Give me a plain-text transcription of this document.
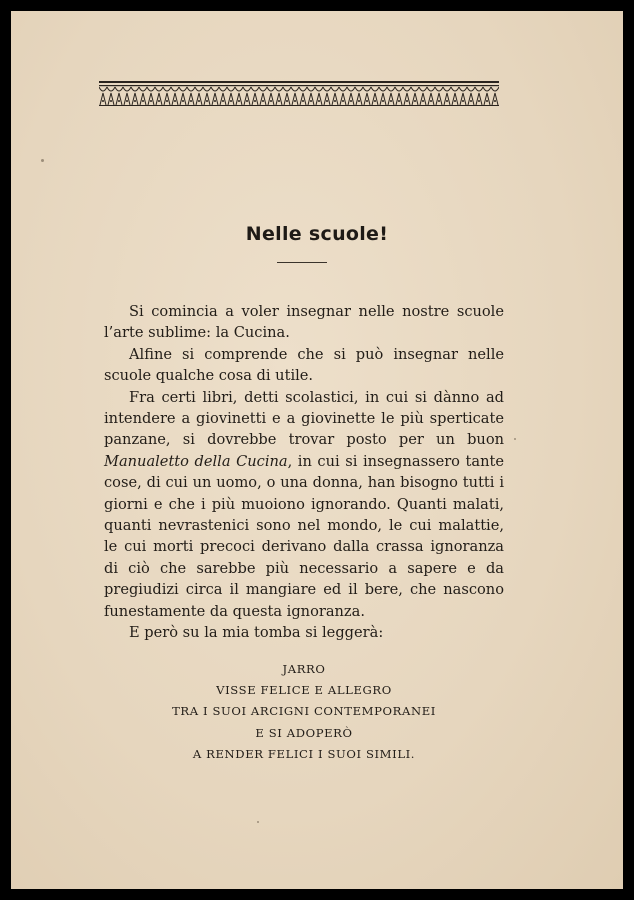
Nelle scuole!

Si comincia a voler insegnar nelle nostre scuole l’arte sublime: la Cucina.

Alfine si comprende che si può insegnar nelle scuole qualche cosa di utile.

Fra certi libri, detti scolastici, in cui si dànno ad intendere a giovinetti e a giovinette le più sperticate panzane, si dovrebbe trovar posto per un buon Manualetto della Cucina, in cui si insegnassero tante cose, di cui un uomo, o una donna, han bisogno tutti i giorni e che i più muoiono ignorando. Quanti malati, quanti nevrastenici sono nel mondo, le cui malattie, le cui morti precoci derivano dalla crassa ignoranza di ciò che sarebbe più necessario a sapere e da pregiudizi circa il mangiare ed il bere, che nascono funestamente da questa ignoranza.

E però su la mia tomba si leggerà:

JARRO
VISSE FELICE E ALLEGRO
TRA I SUOI ARCIGNI CONTEMPORANEI
E SI ADOPERÒ
A RENDER FELICI I SUOI SIMILI.
